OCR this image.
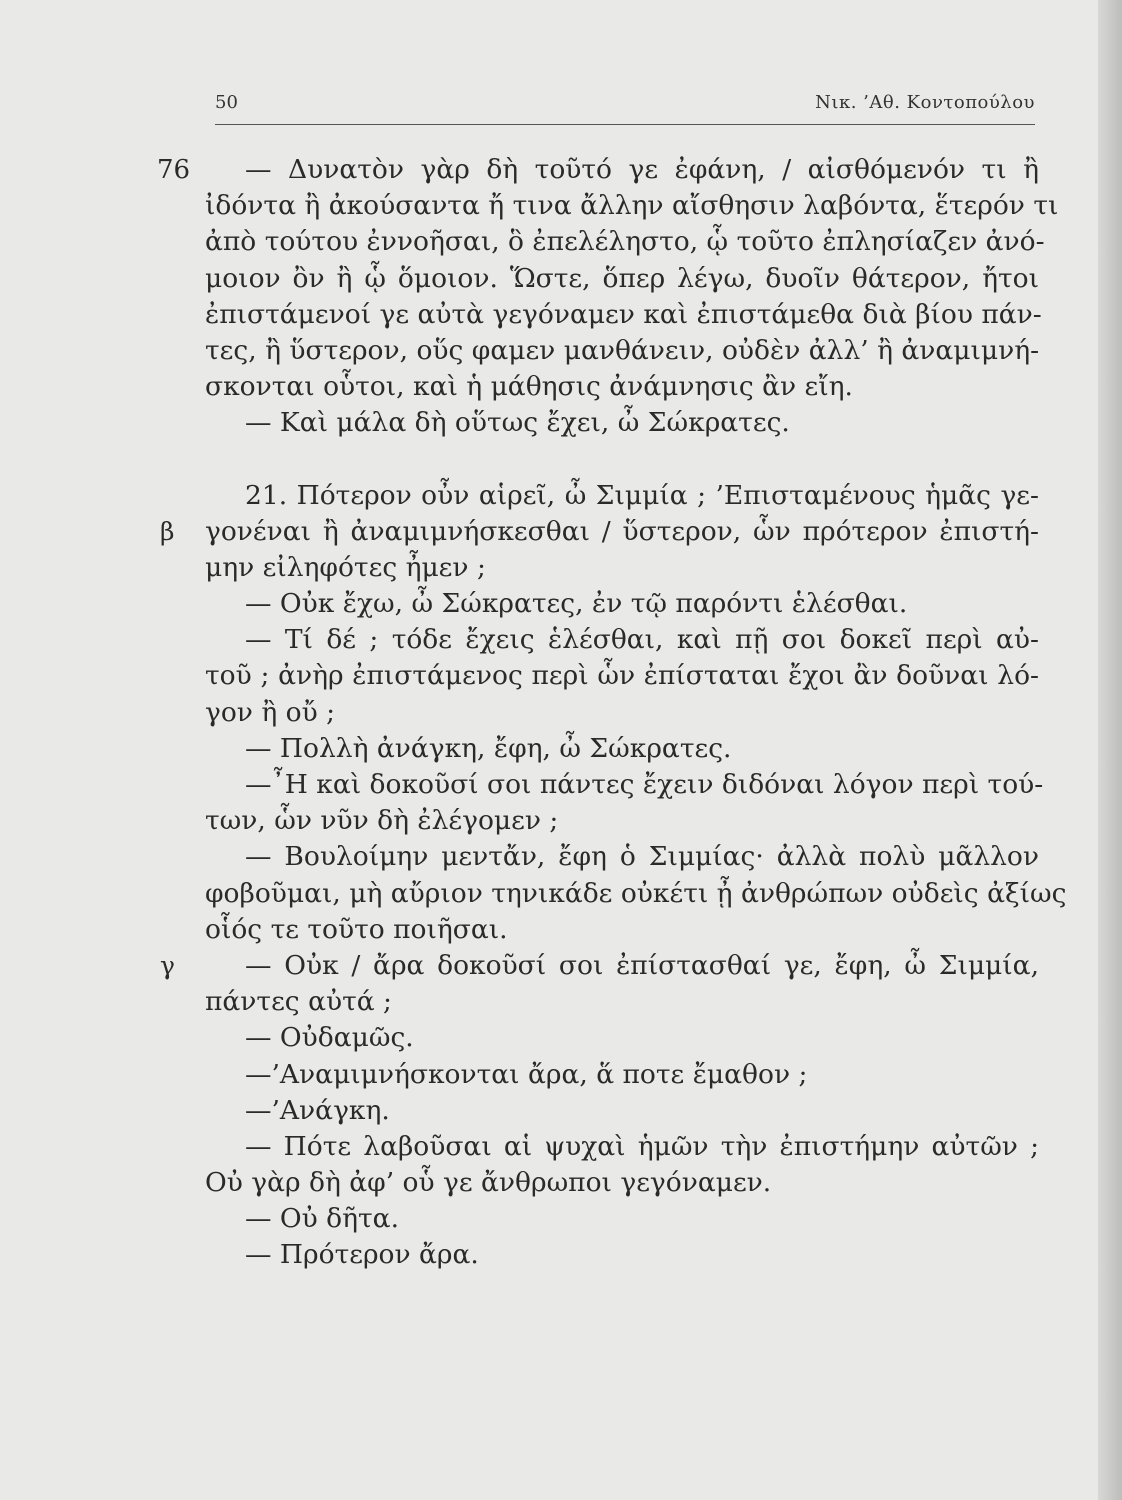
50	Νικ. ’Αθ. Κοντοπούλου
76 — Δυνατὸν γὰρ δὴ τοῦτό γε ἐφάνη, / αἰσθόμενόν τι ἢ
ἰδόντα ἢ ἀκούσαντα ἤ τινα ἄλλην αἴσθησιν λαβόντα, ἕτερόν τι
ἀπὸ τούτου ἐννοῆσαι, ὃ ἐπελέληστο, ᾧ τοῦτο ἐπλησίαζεν ἀνό-
μοιον ὂν ἢ ᾧ ὅμοιον. Ὥστε, ὅπερ λέγω, δυοῖν θάτερον, ἤτοι
ἐπιστάμενοί γε αὐτὰ γεγόναμεν καὶ ἐπιστάμεθα διὰ βίου πάν-
τες, ἢ ὕστερον, οὕς φαμεν μανθάνειν, οὐδὲν ἀλλ’ ἢ ἀναμιμνή-
σκονται οὗτοι, καὶ ἡ μάθησις ἀνάμνησις ἂν εἴη.
— Καὶ μάλα δὴ οὕτως ἔχει, ὦ Σώκρατες.
21. Πότερον οὖν αἱρεῖ, ὦ Σιμμία ; ’Επισταμένους ἡμᾶς γε-
β γονέναι ἢ ἀναμιμνήσκεσθαι / ὕστερον, ὧν πρότερον ἐπιστή-
μην εἰληφότες ἦμεν ;
— Οὐκ ἔχω, ὦ Σώκρατες, ἐν τῷ παρόντι ἑλέσθαι.
— Τί δέ ; τόδε ἔχεις ἑλέσθαι, καὶ πῇ σοι δοκεῖ περὶ αὐ-
τοῦ ; ἀνὴρ ἐπιστάμενος περὶ ὧν ἐπίσταται ἔχοι ἂν δοῦναι λό-
γον ἢ οὔ ;
— Πολλὴ ἀνάγκη, ἔφη, ὦ Σώκρατες.
—῏Η καὶ δοκοῦσί σοι πάντες ἔχειν διδόναι λόγον περὶ τού-
των, ὧν νῦν δὴ ἐλέγομεν ;
— Βουλοίμην μεντἄν, ἔφη ὁ Σιμμίας· ἀλλὰ πολὺ μᾶλλον
φοβοῦμαι, μὴ αὔριον τηνικάδε οὐκέτι ᾖ ἀνθρώπων οὐδεὶς ἀξίως
οἷός τε τοῦτο ποιῆσαι.
γ	— Οὐκ / ἄρα δοκοῦσί σοι ἐπίστασθαί γε, ἔφη, ὦ Σιμμία,
πάντες αὐτά ;
— Οὐδαμῶς.
—’Αναμιμνήσκονται ἄρα, ἅ ποτε ἔμαθον ;
—’Ανάγκη.
— Πότε λαβοῦσαι αἱ ψυχαὶ ἡμῶν τὴν ἐπιστήμην αὐτῶν ;
Οὐ γὰρ δὴ ἀφ’ οὗ γε ἄνθρωποι γεγόναμεν.
— Οὐ δῆτα.
— Πρότερον ἄρα.
